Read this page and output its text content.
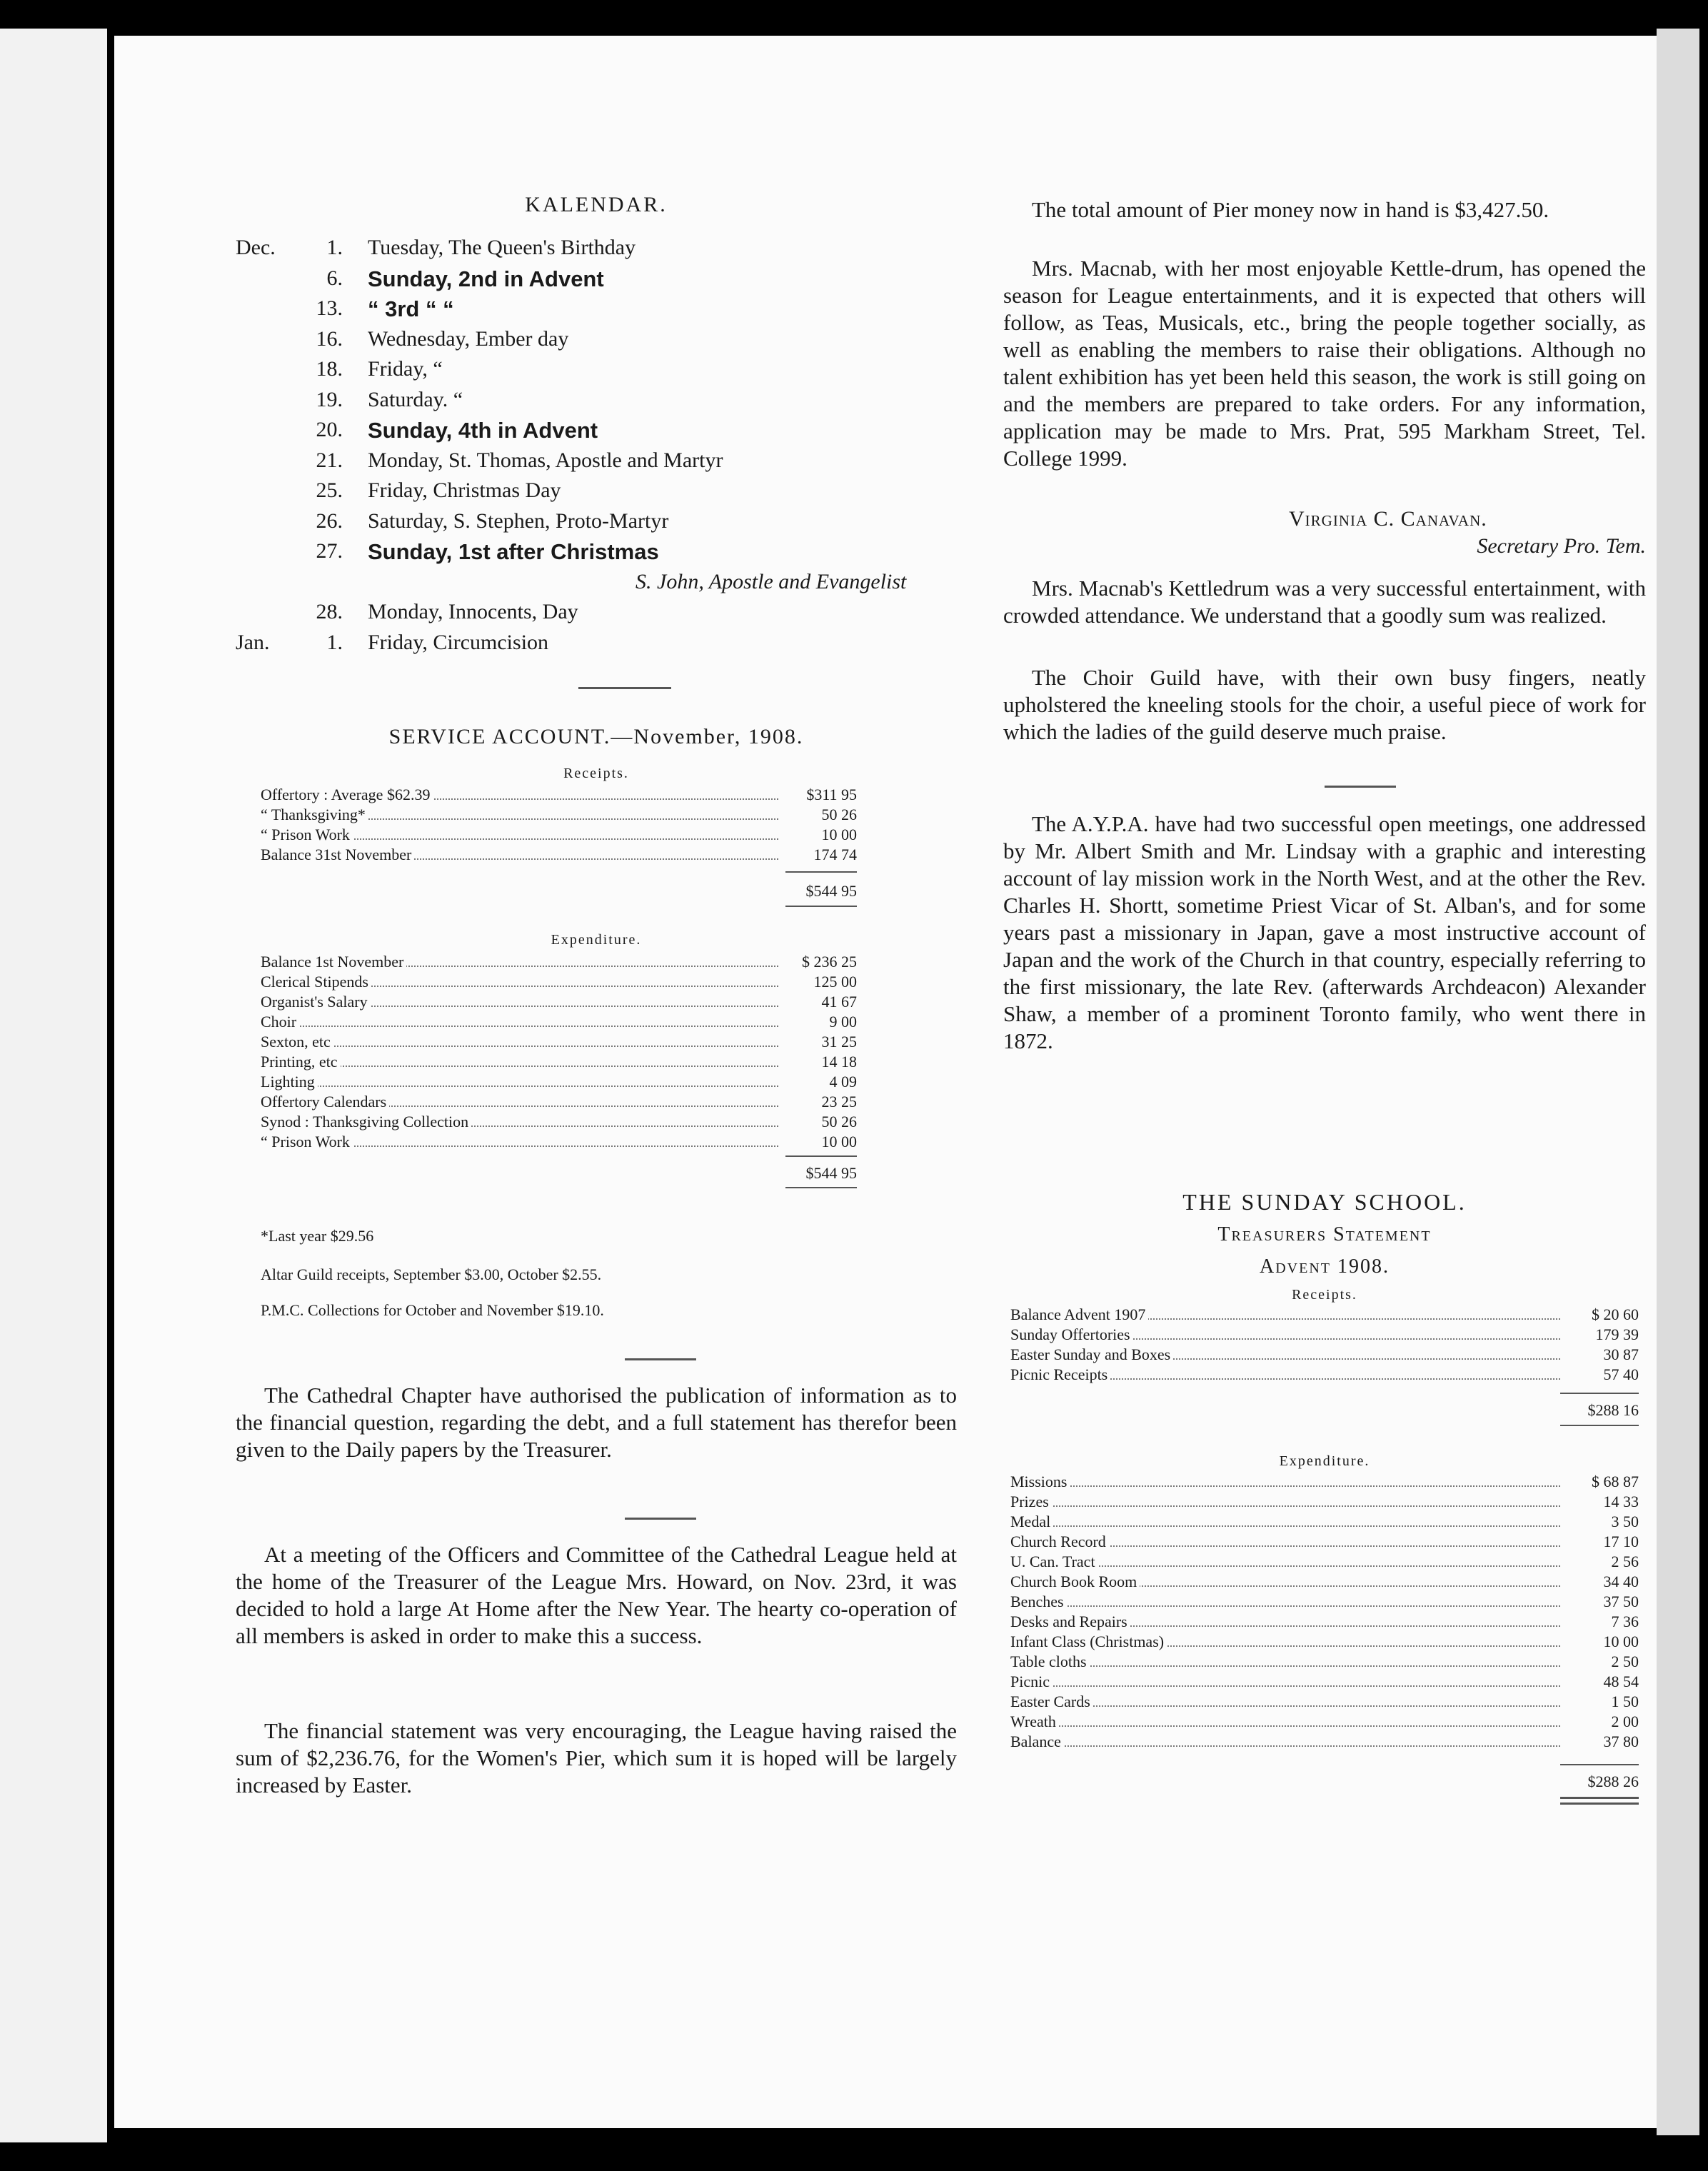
KALENDAR.
Dec.	1. Tuesday, The Queen's Birthday
6. Sunday, 2nd in Advent
13. “ 3rd “ “
16. Wednesday, Ember day
18. Friday, “
19. Saturday. “
20. Sunday, 4th in Advent
21. Monday, St. Thomas, Apostle and Martyr
25. Friday, Christmas Day
26. Saturday, S. Stephen, Proto-Martyr
27. Sunday, 1st after Christmas
S. John, Apostle and Evangelist
28. Monday, Innocents, Day
Jan.	1. Friday, Circumcision
SERVICE ACCOUNT.—November, 1908.
Receipts.
Offertory : Average $62.39	$311 95
“ Thanksgiving*	50 26
“ Prison Work	10 00
Balance 31st November	174 74
$544 95
Expenditure.
Balance 1st November	$ 236 25
Clerical Stipends	125 00
Organist's Salary	41 67
Choir	9 00
Sexton, etc	31 25
Printing, etc	14 18
Lighting	4 09
Offertory Calendars	23 25
Synod : Thanksgiving Collection	50 26
“ Prison Work	10 00
$544 95
*Last year $29.56
Altar Guild receipts, September $3.00, October $2.55.
P.M.C. Collections for October and November $19.10.

The Cathedral Chapter have authorised the publication of information as to the financial question, regarding the debt, and a full statement has therefor been given to the Daily papers by the Treasurer.

At a meeting of the Officers and Committee of the Cathedral League held at the home of the Treasurer of the League Mrs. Howard, on Nov. 23rd, it was decided to hold a large At Home after the New Year. The hearty co-operation of all members is asked in order to make this a success.

The financial statement was very encouraging, the League having raised the sum of $2,236.76, for the Women's Pier, which sum it is hoped will be largely increased by Easter.

The total amount of Pier money now in hand is $3,427.50.

Mrs. Macnab, with her most enjoyable Kettle-drum, has opened the season for League entertainments, and it is expected that others will follow, as Teas, Musicals, etc., bring the people together socially, as well as enabling the members to raise their obligations. Although no talent exhibition has yet been held this season, the work is still going on and the members are prepared to take orders. For any information, application may be made to Mrs. Prat, 595 Markham Street, Tel. College 1999.

Virginia C. Canavan.
Secretary Pro. Tem.

Mrs. Macnab's Kettledrum was a very successful entertainment, with crowded attendance. We understand that a goodly sum was realized.

The Choir Guild have, with their own busy fingers, neatly upholstered the kneeling stools for the choir, a useful piece of work for which the ladies of the guild deserve much praise.

The A.Y.P.A. have had two successful open meetings, one addressed by Mr. Albert Smith and Mr. Lindsay with a graphic and interesting account of lay mission work in the North West, and at the other the Rev. Charles H. Shortt, sometime Priest Vicar of St. Alban's, and for some years past a missionary in Japan, gave a most instructive account of Japan and the work of the Church in that country, especially referring to the first missionary, the late Rev. (afterwards Archdeacon) Alexander Shaw, a member of a prominent Toronto family, who went there in 1872.

THE SUNDAY SCHOOL.
Treasurers Statement
Advent 1908.
Receipts.
Balance Advent 1907	$ 20 60
Sunday Offertories	179 39
Easter Sunday and Boxes	30 87
Picnic Receipts	57 40
$288 16
Expenditure.
Missions	$ 68 87
Prizes	14 33
Medal	3 50
Church Record	17 10
U. Can. Tract	2 56
Church Book Room	34 40
Benches	37 50
Desks and Repairs	7 36
Infant Class (Christmas)	10 00
Table cloths	2 50
Picnic	48 54
Easter Cards	1 50
Wreath	2 00
Balance	37 80
$288 26
